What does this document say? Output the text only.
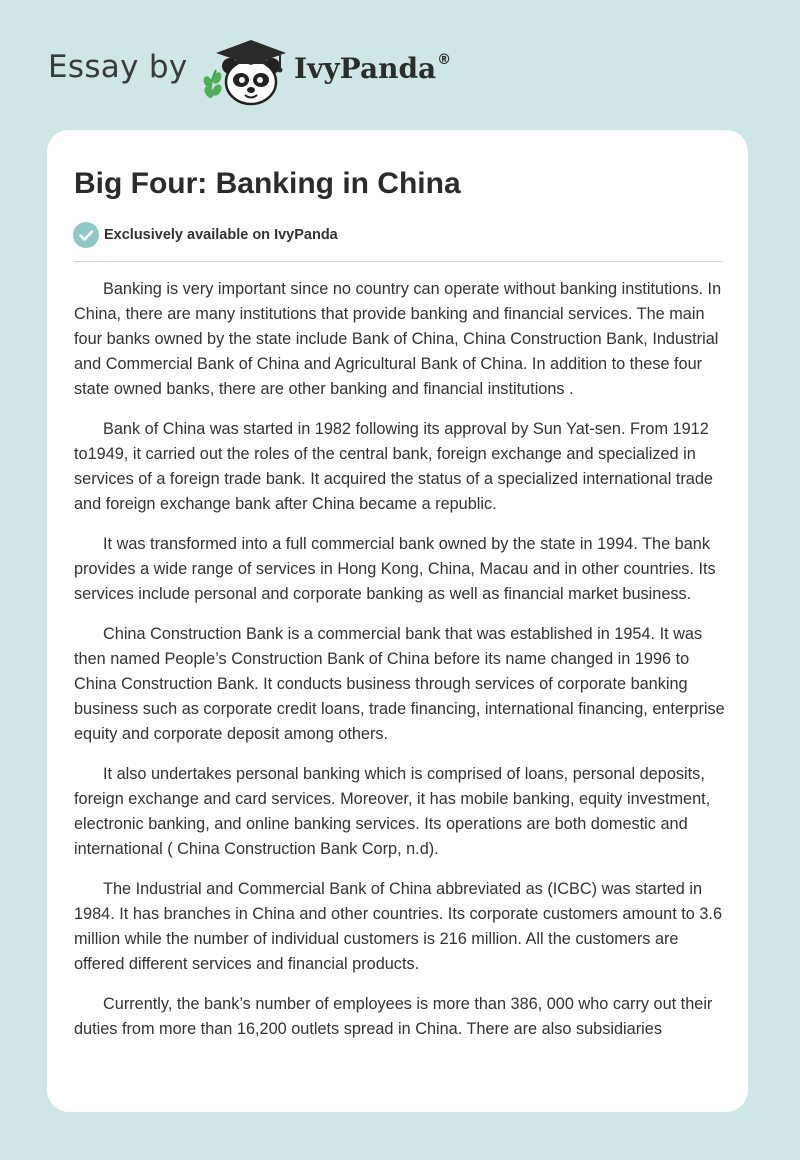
Essay by	IvyPanda®
Big Four: Banking in China
Exclusively available on IvyPanda

Banking is very important since no country can operate without banking institutions. In China, there are many institutions that provide banking and financial services. The main four banks owned by the state include Bank of China, China Construction Bank, Industrial and Commercial Bank of China and Agricultural Bank of China. In addition to these four state owned banks, there are other banking and financial institutions .

Bank of China was started in 1982 following its approval by Sun Yat-sen. From 1912 to1949, it carried out the roles of the central bank, foreign exchange and specialized in services of a foreign trade bank. It acquired the status of a specialized international trade and foreign exchange bank after China became a republic.

It was transformed into a full commercial bank owned by the state in 1994. The bank provides a wide range of services in Hong Kong, China, Macau and in other countries. Its services include personal and corporate banking as well as financial market business.

China Construction Bank is a commercial bank that was established in 1954. It was then named People’s Construction Bank of China before its name changed in 1996 to China Construction Bank. It conducts business through services of corporate banking business such as corporate credit loans, trade financing, international financing, enterprise equity and corporate deposit among others.

It also undertakes personal banking which is comprised of loans, personal deposits, foreign exchange and card services. Moreover, it has mobile banking, equity investment, electronic banking, and online banking services. Its operations are both domestic and international ( China Construction Bank Corp, n.d).

The Industrial and Commercial Bank of China abbreviated as (ICBC) was started in 1984. It has branches in China and other countries. Its corporate customers amount to 3.6 million while the number of individual customers is 216 million. All the customers are offered different services and financial products.

Currently, the bank’s number of employees is more than 386, 000 who carry out their duties from more than 16,200 outlets spread in China. There are also subsidiaries
